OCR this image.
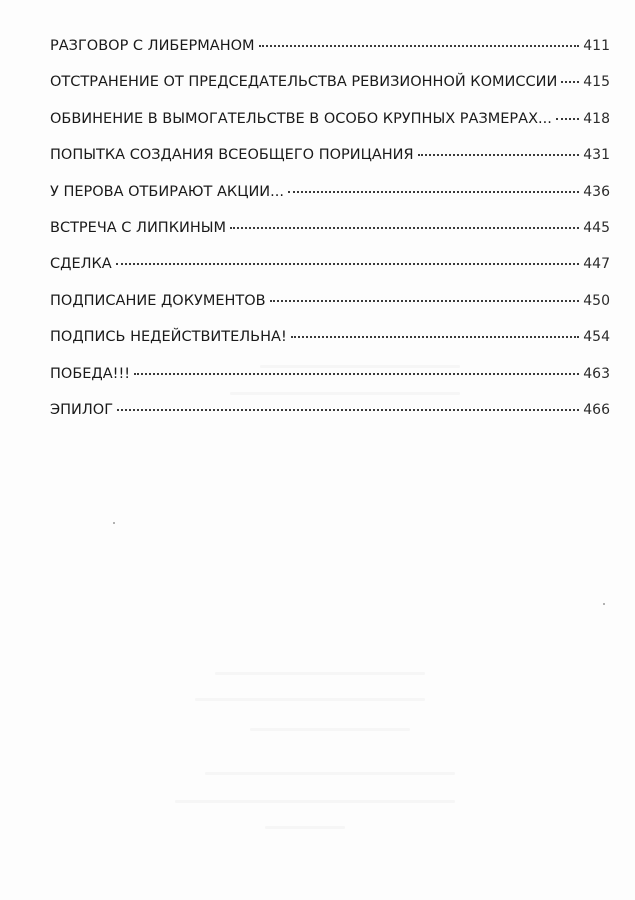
РАЗГОВОР С ЛИБЕРМАНОМ	411
ОТСТРАНЕНИЕ ОТ ПРЕДСЕДАТЕЛЬСТВА РЕВИЗИОННОЙ КОМИССИИ 415
ОБВИНЕНИЕ В ВЫМОГАТЕЛЬСТВЕ В ОСОБО КРУПНЫХ РАЗМЕРАХ... 418
ПОПЫТКА СОЗДАНИЯ ВСЕОБЩЕГО ПОРИЦАНИЯ	431
У ПЕРОВА ОТБИРАЮТ АКЦИИ...	436
ВСТРЕЧА С ЛИПКИНЫМ	445
СДЕЛКА	447
ПОДПИСАНИЕ ДОКУМЕНТОВ	450
ПОДПИСЬ НЕДЕЙСТВИТЕЛЬНА!	454
ПОБЕДА!!!	463
ЭПИЛОГ	466
